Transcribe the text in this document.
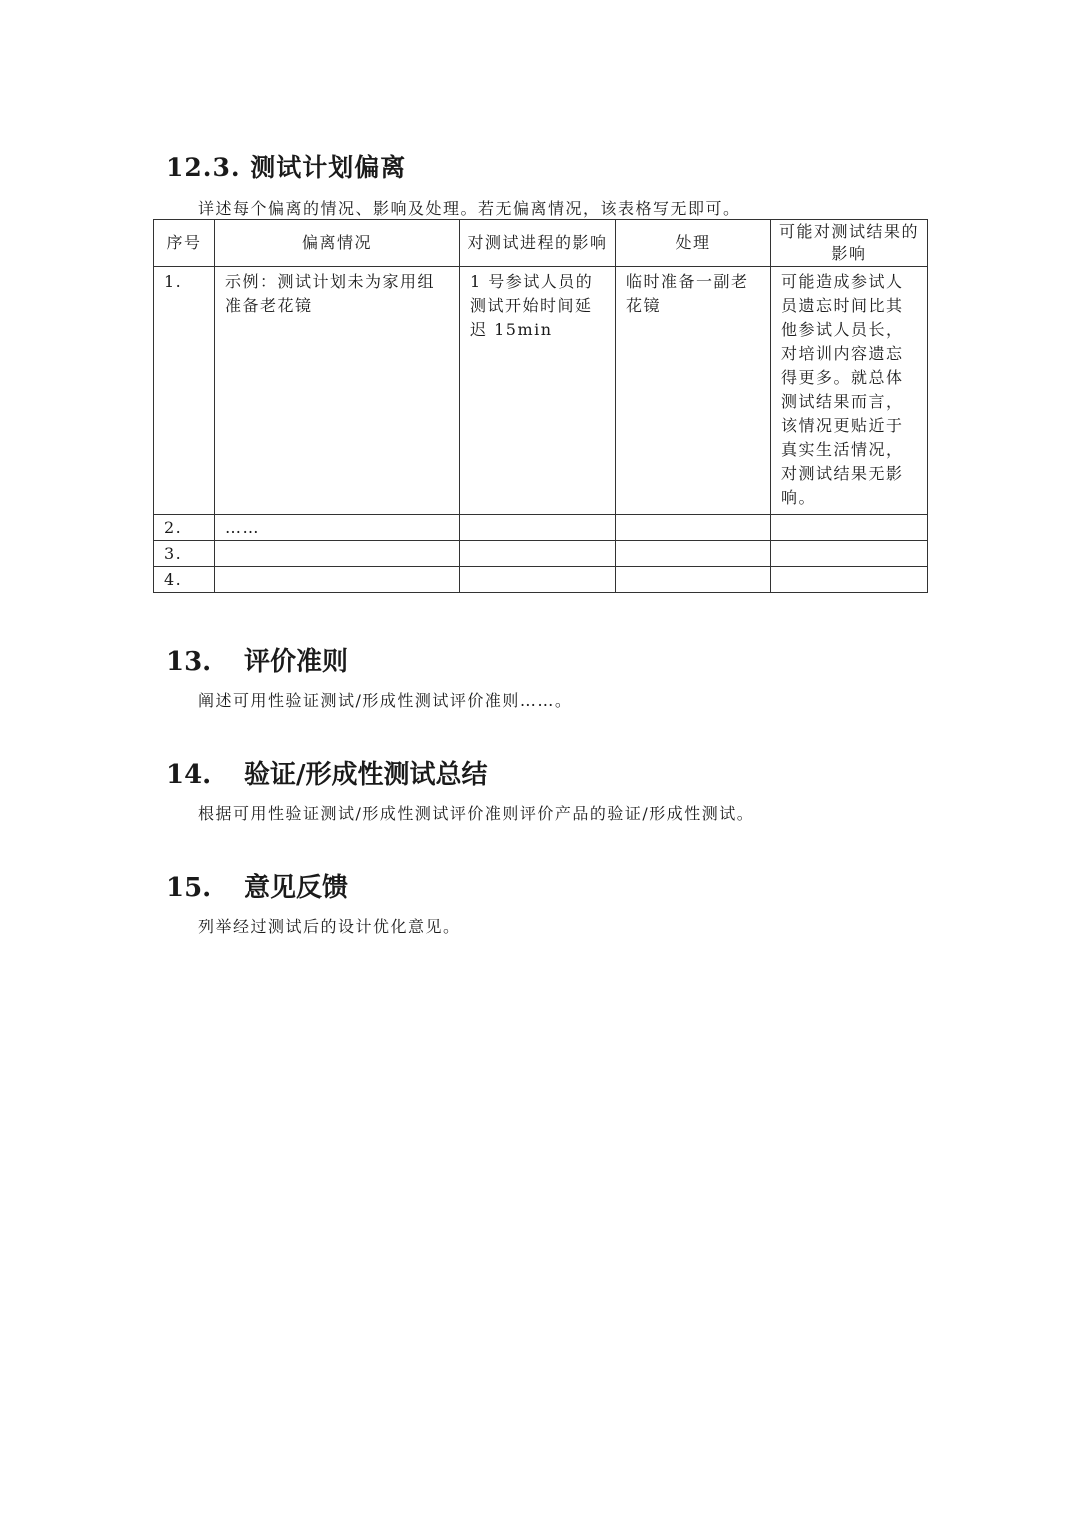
12.3. 测试计划偏离
详述每个偏离的情况、影响及处理。若无偏离情况，该表格写无即可。
序号	偏离情况	对测试进程的影响	处理	可能对测试结果的影响
1.	示例：测试计划未为家用组准备老花镜	1 号参试人员的测试开始时间延迟 15min	临时准备一副老花镜	可能造成参试人员遗忘时间比其他参试人员长，对培训内容遗忘得更多。就总体测试结果而言，该情况更贴近于真实生活情况，对测试结果无影响。
2.	……			
3.				
4.				
13. 评价准则
阐述可用性验证测试/形成性测试评价准则……。
14. 验证/形成性测试总结
根据可用性验证测试/形成性测试评价准则评价产品的验证/形成性测试。
15. 意见反馈
列举经过测试后的设计优化意见。
